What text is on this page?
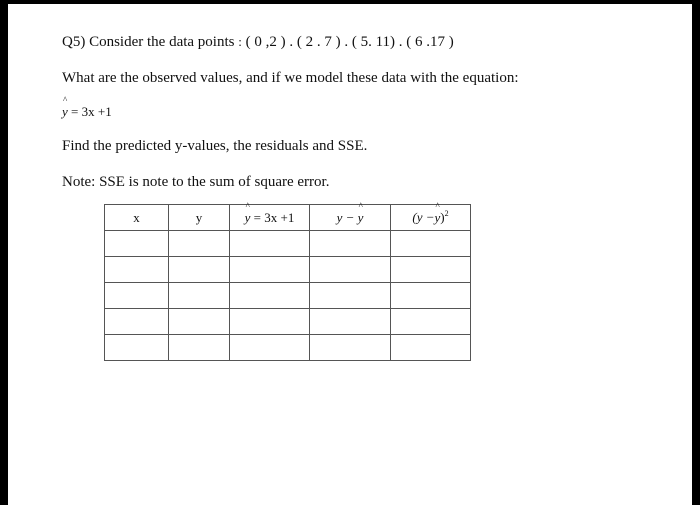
Q5) Consider the data points : ( 0 ,2 ) . ( 2 . 7 ) . ( 5. 11) . ( 6 .17 )
What are the observed values, and if we model these data with the equation:
^ y = 3x +1
Find the predicted y-values, the residuals and SSE.
Note: SSE is note to the sum of square error.
x	y	^ y = 3x +1	y − ^ y	(y −^ y)$^2$
